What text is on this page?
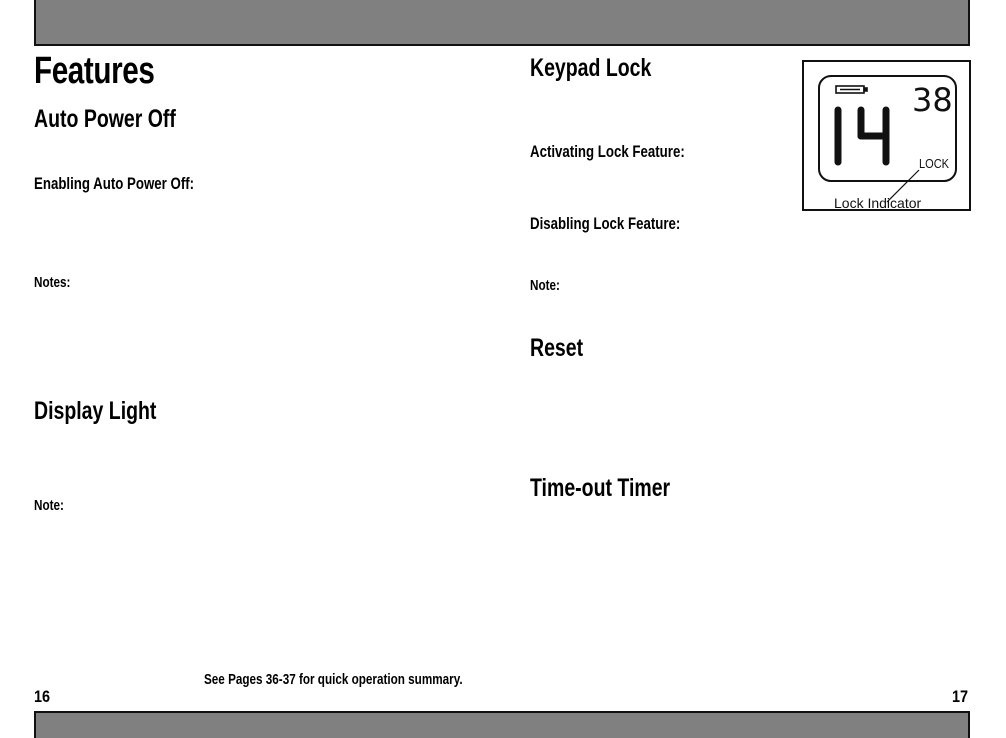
Features
Auto Power Off
Enabling Auto Power Off:
Notes:
Display Light
Note:
Keypad Lock
Activating Lock Feature:
Disabling Lock Feature:
Note:
Reset
Time-out Timer
38
LOCK
Lock Indicator
See Pages 36-37 for quick operation summary.
16	17
